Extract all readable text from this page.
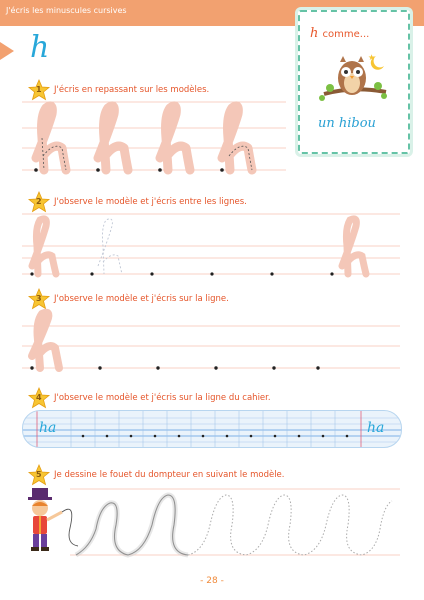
J'écris les minuscules cursives
h	h comme...
★
un hibou
1 J'écris en repassant sur les modèles.
2 J'observe le modèle et j'écris entre les lignes.
3 J'observe le modèle et j'écris sur la ligne.
4 J'observe le modèle et j'écris sur la ligne du cahier.
ha	ha
5 Je dessine le fouet du dompteur en suivant le modèle.
- 28 -
